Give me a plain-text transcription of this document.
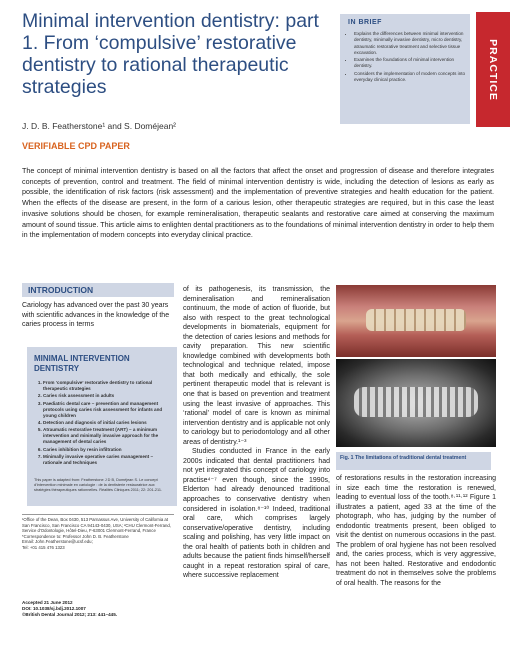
Minimal intervention dentistry: part 1. From ‘compulsive’ restorative dentistry to rational therapeutic strategies
J. D. B. Featherstone¹ and S. Doméjean²
VERIFIABLE CPD PAPER
IN BRIEF
• Explains the differences between minimal intervention dentistry, minimally invasive dentistry, micro dentistry, atraumatic restorative treatment and selective tissue excavation.
• Examines the foundations of minimal intervention dentistry.
• Considers the implementation of modern concepts into everyday clinical practice.	PRACTICE
The concept of minimal intervention dentistry is based on all the factors that affect the onset and progression of disease and therefore integrates concepts of prevention, control and treatment. The field of minimal intervention dentistry is wide, including the detection of lesions as early as possible, the identification of risk factors (risk assessment) and the implementation of preventive strategies and health education for the patient. When the effects of the disease are present, in the form of a carious lesion, other therapeutic strategies are required, but in this case the least invasive solutions should be chosen, for example remineralisation, therapeutic sealants and restorative care aimed at conserving the maximum amount of sound tissue. This article aims to enlighten dental practitioners as to the foundations of minimal intervention dentistry in order to help them in the implementation of modern concepts into everyday clinical practice.
INTRODUCTION
Cariology has advanced over the past 30 years with scientific advances in the knowledge of the caries process in terms
MINIMAL INTERVENTION DENTISTRY
1. From ‘compulsive’ restorative dentistry to rational therapeutic strategies
2. Caries risk assessment in adults
3. Paediatric dental care – prevention and management protocols using caries risk assessment for infants and young children
4. Detection and diagnosis of initial caries lesions
5. Atraumatic restorative treatment (ART) – a minimum intervention and minimally invasive approach for the management of dental caries
6. Caries inhibition by resin infiltration
7. Minimally invasive operative caries management – rationale and techniques
This paper is adapted from: Featherstone J D B, Doméjean S. Le concept d'intervention minimale en cariologie : de la dentisterie restauratrice aux stratégies thérapeutiques rationnelles. Réalités Cliniques 2011; 22: 201-211.
¹Office of the Dean, Box 0430, 513 Parnassus Ave, University of California at San Francisco, San Francisco CA 94143-0430, USA; ²CHU Clermont-Ferrand, Service d'Odontologie, Hôtel-Dieu, F-63001 Clermont-Ferrand, France
*Correspondence to: Professor John D. B. Featherstone
Email: John.Featherstone@ucsf.edu;
Tel: +01 415 476 1323
Accepted 21 June 2012
DOI: 10.1038/sj.bdj.2012.1007
©British Dental Journal 2012; 213: 441–445.

of its pathogenesis, its transmission, the demineralisation and remineralisation continuum, the mode of action of fluoride, but also with respect to the great technological developments in biomaterials, equipment for the detection of caries lesions and methods for cavity preparation. This new scientific knowledge combined with developments both technological and technique related, impose that both medically and ethically, the sole pertinent therapeutic model that is relevant is one that is based on prevention and treatment using the least invasive of approaches. This ‘rational’ model of care is known as minimal intervention dentistry and is applicable not only to cariology but to periodontology and all other areas of dentistry.¹⁻³

Studies conducted in France in the early 2000s indicated that dental practitioners had not yet integrated this concept of cariology into practise⁴⁻⁷ even though, since the 1990s, Elderton had already denounced traditional approaches to conservative dentistry when considered in isolation.⁸⁻¹⁰ Indeed, traditional oral care, which comprises largely conservative/operative dentistry, including scaling and polishing, has very little impact on the oral health of patients both in children and adults because the patient finds himself/herself caught in a repeat restoration spiral of care, where successive replacement

Fig. 1 The limitations of traditional dental treatment
of restorations results in the restoration increasing in size each time the restoration is renewed, leading to eventual loss of the tooth.⁸·¹¹·¹² Figure 1 illustrates a patient, aged 33 at the time of the photograph, who has, judging by the number of endodontic treatments present, been obliged to visit the dentist on numerous occasions in the past. The problem of oral hygiene has not been resolved and, the caries process, which is very aggressive, has not been halted. Restorative and endodontic treatment do not in themselves solve the problems of oral health. The reasons for the
